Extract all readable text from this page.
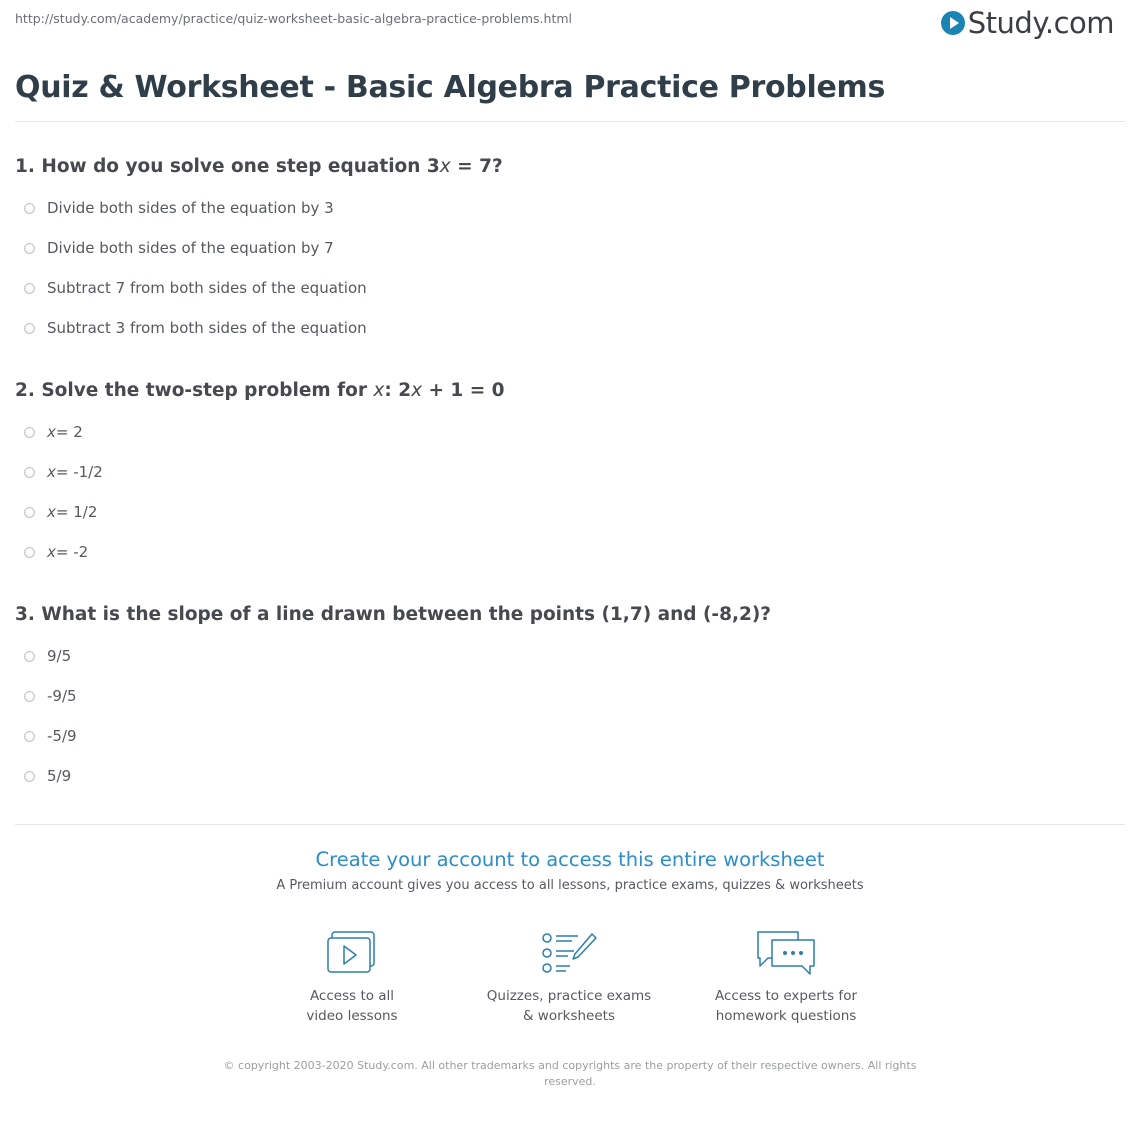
http://study.com/academy/practice/quiz-worksheet-basic-algebra-practice-problems.html	Study.com
Quiz & Worksheet - Basic Algebra Practice Problems
1. How do you solve one step equation 3x = 7?
Divide both sides of the equation by 3
Divide both sides of the equation by 7
Subtract 7 from both sides of the equation
Subtract 3 from both sides of the equation
2. Solve the two-step problem for x: 2x + 1 = 0
x = 2
x = -1/2
x = 1/2
x = -2
3. What is the slope of a line drawn between the points (1,7) and (-8,2)?
9/5
-9/5
-5/9
5/9
Create your account to access this entire worksheet
A Premium account gives you access to all lessons, practice exams, quizzes & worksheets
Access to all
video lessons
Quizzes, practice exams
& worksheets
Access to experts for
homework questions
© copyright 2003-2020 Study.com. All other trademarks and copyrights are the property of their respective owners. All rights
reserved.
